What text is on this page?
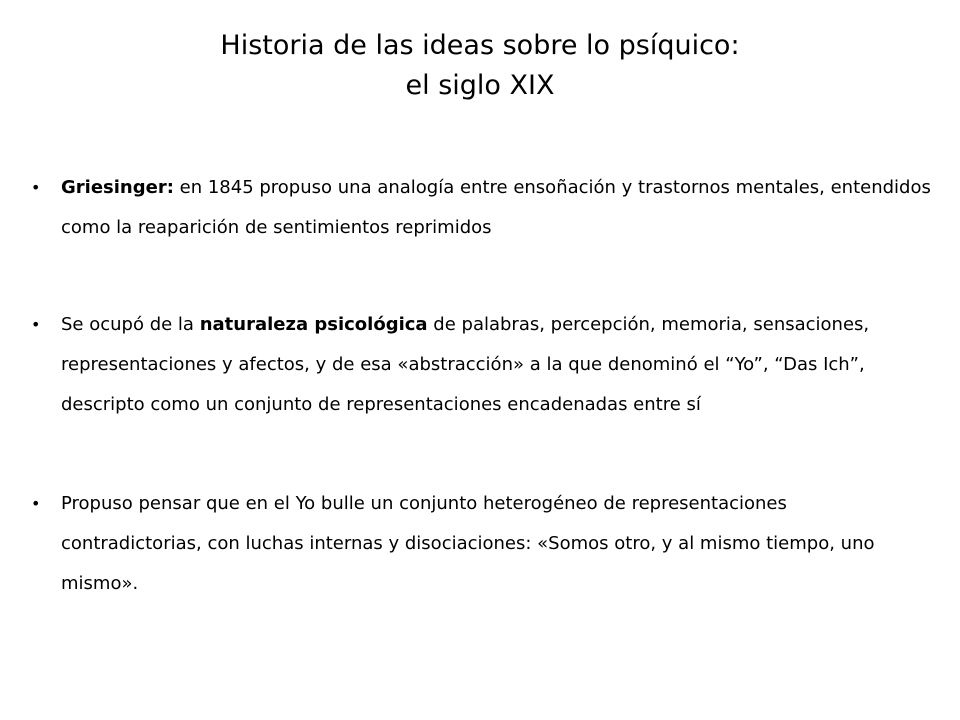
Historia de las ideas sobre lo psíquico:
el siglo XIX
• Griesinger: en 1845 propuso una analogía entre ensoñación y trastornos mentales, entendidos como la reaparición de sentimientos reprimidos
• Se ocupó de la naturaleza psicológica de palabras, percepción, memoria, sensaciones, representaciones y afectos, y de esa «abstracción» a la que denominó el “Yo”, “Das Ich”, descripto como un conjunto de representaciones encadenadas entre sí
• Propuso pensar que en el Yo bulle un conjunto heterogéneo de representaciones contradictorias, con luchas internas y disociaciones: «Somos otro, y al mismo tiempo, uno mismo».
